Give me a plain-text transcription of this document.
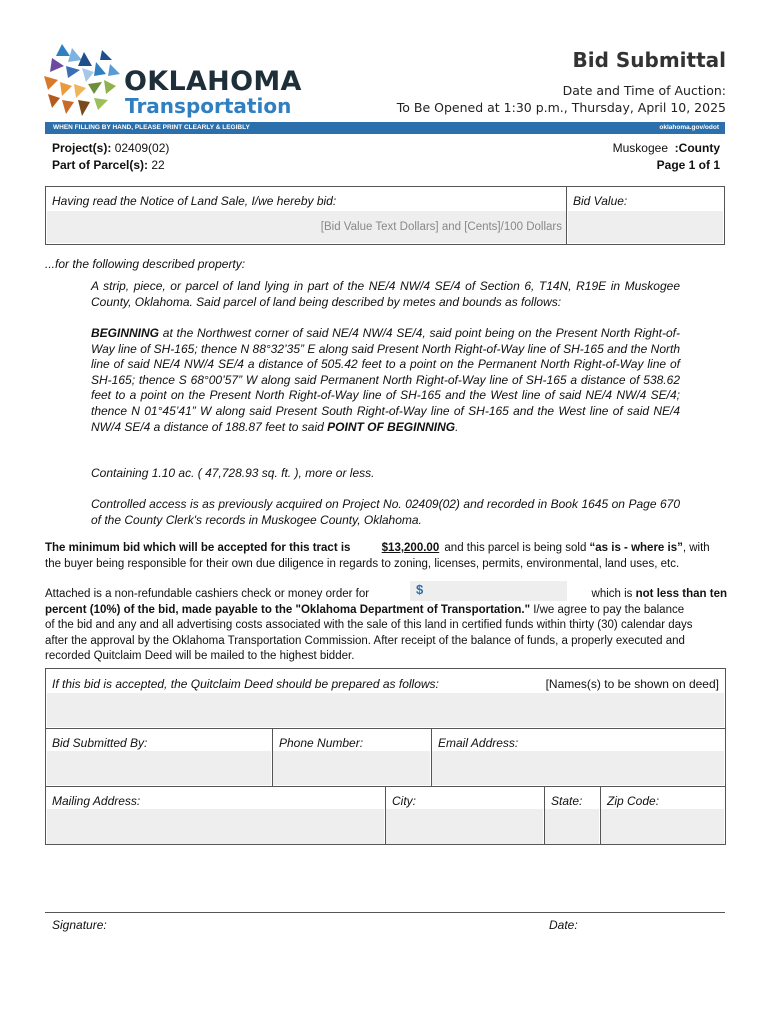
OKLAHOMA
Transportation
Bid Submittal
Date and Time of Auction:
To Be Opened at 1:30 p.m., Thursday, April 10, 2025
WHEN FILLING BY HAND, PLEASE PRINT CLEARLY & LEGIBLY	oklahoma.gov/odot
Project(s): 02409(02)
Part of Parcel(s): 22
Muskogee :County
Page 1 of 1
Having read the Notice of Land Sale, I/we hereby bid:
[Bid Value Text Dollars] and [Cents]/100 Dollars
Bid Value:
...for the following described property:
A strip, piece, or parcel of land lying in part of the NE/4 NW/4 SE/4 of Section 6, T14N, R19E in Muskogee County, Oklahoma. Said parcel of land being described by metes and bounds as follows:
BEGINNING at the Northwest corner of said NE/4 NW/4 SE/4, said point being on the Present North Right-of-Way line of SH-165; thence N 88°32’35” E along said Present North Right-of-Way line of SH-165 and the North line of said NE/4 NW/4 SE/4 a distance of 505.42 feet to a point on the Permanent North Right-of-Way line of SH-165; thence S 68°00’57” W along said Permanent North Right-of-Way line of SH-165 a distance of 538.62 feet to a point on the Present North Right-of-Way line of SH-165 and the West line of said NE/4 NW/4 SE/4; thence N 01°45’41” W along said Present South Right-of-Way line of SH-165 and the West line of said NE/4 NW/4 SE/4 a distance of 188.87 feet to said POINT OF BEGINNING.
Containing 1.10 ac. ( 47,728.93 sq. ft. ), more or less.
Controlled access is as previously acquired on Project No. 02409(02) and recorded in Book 1645 on Page 670 of the County Clerk's records in Muskogee County, Oklahoma.
The minimum bid which will be accepted for this tract is	$13,200.00 and this parcel is being sold “as is - where is”, with the buyer being responsible for their own due diligence in regards to zoning, licenses, permits, environmental, land uses, etc.
Attached is a non-refundable cashiers check or money order for	$	which is not less than ten
percent (10%) of the bid, made payable to the "Oklahoma Department of Transportation." I/we agree to pay the balance
of the bid and any and all advertising costs associated with the sale of this land in certified funds within thirty (30) calendar days
after the approval by the Oklahoma Transportation Commission. After receipt of the balance of funds, a properly executed and
recorded Quitclaim Deed will be mailed to the highest bidder.
If this bid is accepted, the Quitclaim Deed should be prepared as follows:	[Names(s) to be shown on deed]
Bid Submitted By:	Phone Number:	Email Address:
Mailing Address:	City:	State: Zip Code:
Signature:	Date:
